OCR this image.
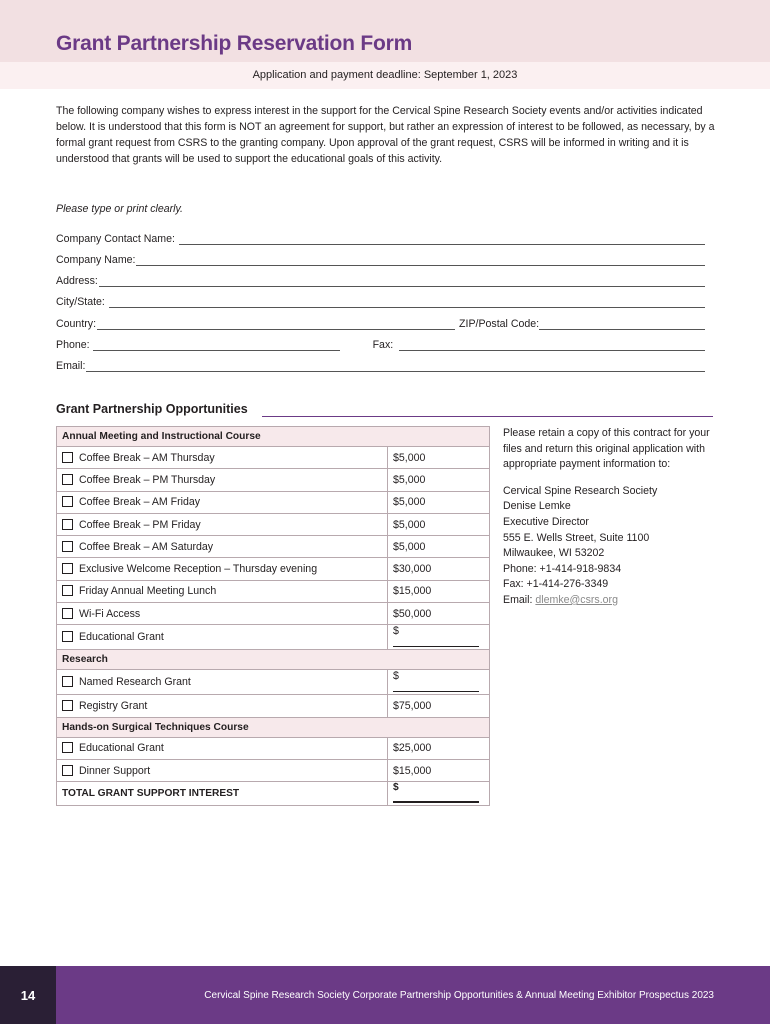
Grant Partnership Reservation Form
Application and payment deadline: September 1, 2023

The following company wishes to express interest in the support for the Cervical Spine Research Society events and/or activities indicated below. It is understood that this form is NOT an agreement for support, but rather an expression of interest to be followed, as necessary, by a formal grant request from CSRS to the granting company. Upon approval of the grant request, CSRS will be informed in writing and it is understood that grants will be used to support the educational goals of this activity.

Please type or print clearly.
Company Contact Name:
Company Name:
Address:
City/State:
Country:	ZIP/Postal Code:
Phone:	Fax:
Email:
Grant Partnership Opportunities
Annual Meeting and Instructional Course	
Coffee Break – AM Thursday	$5,000
Coffee Break – PM Thursday	$5,000
Coffee Break – AM Friday	$5,000
Coffee Break – PM Friday	$5,000
Coffee Break – AM Saturday	$5,000
Exclusive Welcome Reception – Thursday evening	$30,000
Friday Annual Meeting Lunch	$15,000
Wi-Fi Access	$50,000
Educational Grant	$
Research	
Named Research Grant	$
Registry Grant	$75,000
Hands-on Surgical Techniques Course	
Educational Grant	$25,000
Dinner Support	$15,000
TOTAL GRANT SUPPORT INTEREST	$
Please retain a copy of this contract for your files and return this original application with appropriate payment information to:
Cervical Spine Research Society
Denise Lemke
Executive Director
555 E. Wells Street, Suite 1100
Milwaukee, WI 53202
Phone: +1-414-918-9834
Fax: +1-414-276-3349
Email: dlemke@csrs.org
14	Cervical Spine Research Society Corporate Partnership Opportunities & Annual Meeting Exhibitor Prospectus 2023
